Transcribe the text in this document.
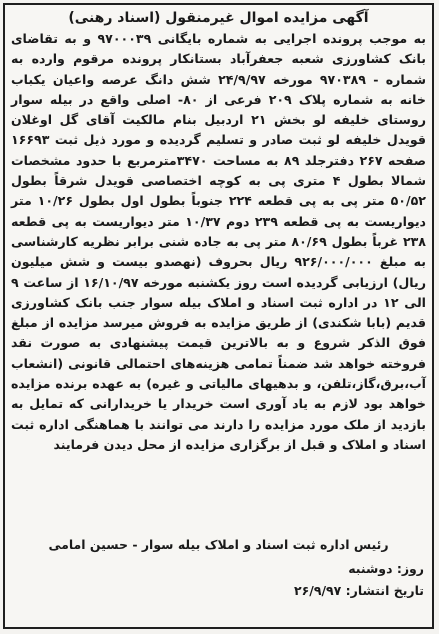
آگهی مزایده اموال غیرمنقول (اسناد رهنی)
به موجب پرونده اجرایی به شماره بایگانی ۹۷۰۰۰۳۹ و به تقاضای بانک کشاورزی شعبه جعفرآباد بستانکار پرونده مرقوم وارده به شماره - ۹۷۰۳۸۹ مورخه ۲۴/۹/۹۷ شش دانگ عرصه واعیان یکباب خانه به شماره پلاک ۲۰۹ فرعی از ۸۰- اصلی واقع در بیله سوار روستای خلیفه لو بخش ۲۱ اردبیل بنام مالکیت آقای گل اوغلان قویدل خلیفه لو ثبت صادر و تسلیم گردیده و مورد ذیل ثبت ۱۶۶۹۳ صفحه ۲۶۷ دفترجلد ۸۹ به مساحت ۳۴۷۰مترمربع با حدود مشخصات شمالا بطول ۴ متری پی به کوچه اختصاصی قویدل شرقاً بطول ۵۰/۵۲ متر پی به پی قطعه ۲۲۴ جنوباً بطول اول بطول ۱۰/۲۶ متر دیواریست به پی قطعه ۲۳۹ دوم ۱۰/۳۷ متر دیواریست به پی قطعه ۲۳۸ غرباً بطول ۸۰/۶۹ متر پی به جاده شنی برابر نظریه کارشناسی به مبلغ ۹۲۶/۰۰۰/۰۰۰ ریال بحروف (نهصدو بیست و شش میلیون ریال) ارزیابی گردیده است روز یکشنبه مورخه ۱۶/۱۰/۹۷ از ساعت ۹ الی ۱۲ در اداره ثبت اسناد و املاک بیله سوار جنب بانک کشاورزی قدیم (بابا شکندی) از طریق مزایده به فروش میرسد مزایده از مبلغ فوق الذکر شروع و به بالاترین قیمت پیشنهادی به صورت نقد فروخته خواهد شد ضمناً تمامی هزینه‌های احتمالی قانونی (انشعاب آب،برق،گاز،تلفن، و بدهیهای مالیاتی و غیره) به عهده برنده مزایده خواهد بود لازم به یاد آوری است خریدار یا خریدارانی که تمایل به بازدید از ملک مورد مزایده را دارند می توانند با هماهنگی اداره ثبت اسناد و املاک و قبل از برگزاری مزایده از محل دیدن فرمایند
رئیس اداره ثبت اسناد و املاک بیله سوار - حسین امامی
روز: دوشنبه
تاریخ انتشار: ۲۶/۹/۹۷
